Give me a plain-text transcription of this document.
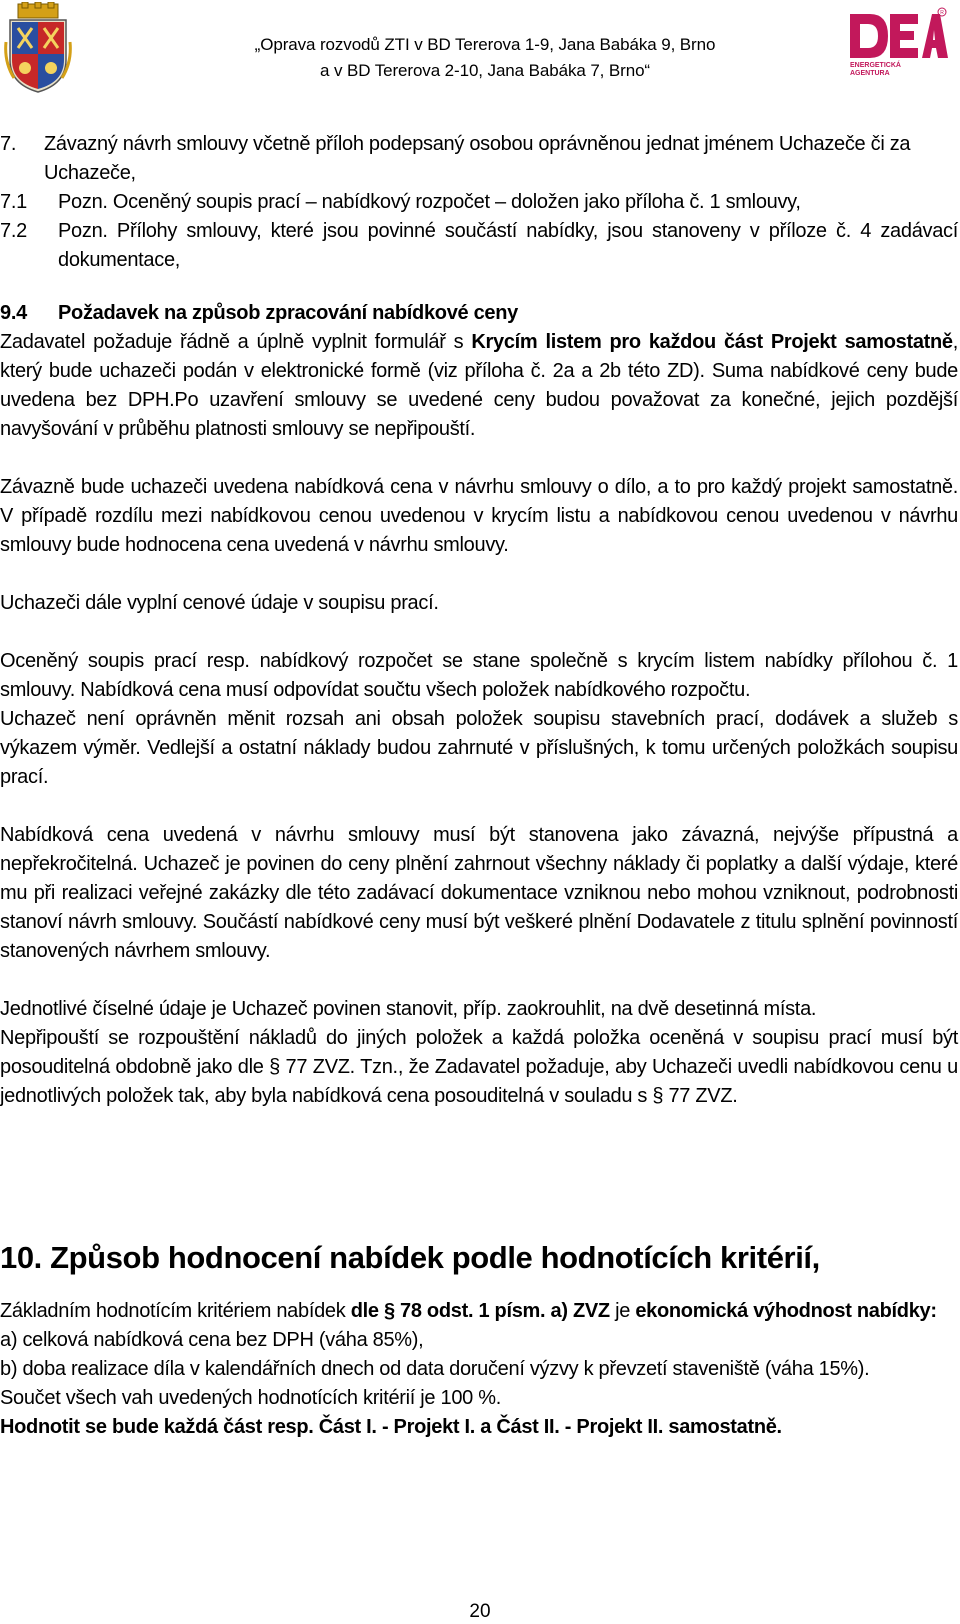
„Oprava rozvodů ZTI v BD Tererova 1-9, Jana Babáka 9, Brno
a v BD Tererova 2-10, Jana Babáka 7, Brno“
R
ENERGETICKÁ
AGENTURA
7.	Závazný návrh smlouvy včetně příloh podepsaný osobou oprávněnou jednat jménem Uchazeče či za Uchazeče,
7.1	Pozn. Oceněný soupis prací – nabídkový rozpočet – doložen jako příloha č. 1 smlouvy,
7.2	Pozn. Přílohy smlouvy, které jsou povinné součástí nabídky, jsou stanoveny v příloze č. 4 zadávací dokumentace,

9.4 Požadavek na způsob zpracování nabídkové ceny

Zadavatel požaduje řádně a úplně vyplnit formulář s Krycím listem pro každou část Projekt samostatně, který bude uchazeči podán v elektronické formě (viz příloha č. 2a a 2b této ZD). Suma nabídkové ceny bude uvedena bez DPH.Po uzavření smlouvy se uvedené ceny budou považovat za konečné, jejich pozdější navyšování v průběhu platnosti smlouvy se nepřipouští.

Závazně bude uchazeči uvedena nabídková cena v návrhu smlouvy o dílo, a to pro každý projekt samostatně. V případě rozdílu mezi nabídkovou cenou uvedenou v krycím listu a nabídkovou cenou uvedenou v návrhu smlouvy bude hodnocena cena uvedená v návrhu smlouvy.

Uchazeči dále vyplní cenové údaje v soupisu prací.

Oceněný soupis prací resp. nabídkový rozpočet se stane společně s krycím listem nabídky přílohou č. 1 smlouvy. Nabídková cena musí odpovídat součtu všech položek nabídkového rozpočtu.

Uchazeč není oprávněn měnit rozsah ani obsah položek soupisu stavebních prací, dodávek a služeb s výkazem výměr. Vedlejší a ostatní náklady budou zahrnuté v příslušných, k tomu určených položkách soupisu prací.

Nabídková cena uvedená v návrhu smlouvy musí být stanovena jako závazná, nejvýše přípustná a nepřekročitelná. Uchazeč je povinen do ceny plnění zahrnout všechny náklady či poplatky a další výdaje, které mu při realizaci veřejné zakázky dle této zadávací dokumentace vzniknou nebo mohou vzniknout, podrobnosti stanoví návrh smlouvy. Součástí nabídkové ceny musí být veškeré plnění Dodavatele z titulu splnění povinností stanovených návrhem smlouvy.

Jednotlivé číselné údaje je Uchazeč povinen stanovit, příp. zaokrouhlit, na dvě desetinná místa.

Nepřipouští se rozpouštění nákladů do jiných položek a každá položka oceněná v soupisu prací musí být posouditelná obdobně jako dle § 77 ZVZ. Tzn., že Zadavatel požaduje, aby Uchazeči uvedli nabídkovou cenu u jednotlivých položek tak, aby byla nabídková cena posouditelná v souladu s § 77 ZVZ.

10. Způsob hodnocení nabídek podle hodnotících kritérií,

Základním hodnotícím kritériem nabídek dle § 78 odst. 1 písm. a) ZVZ je ekonomická výhodnost nabídky:

a) celková nabídková cena bez DPH (váha 85%),

b) doba realizace díla v kalendářních dnech od data doručení výzvy k převzetí staveniště (váha 15%).

Součet všech vah uvedených hodnotících kritérií je 100 %.

Hodnotit se bude každá část resp. Část I. - Projekt I. a Část II. - Projekt II. samostatně.

20
